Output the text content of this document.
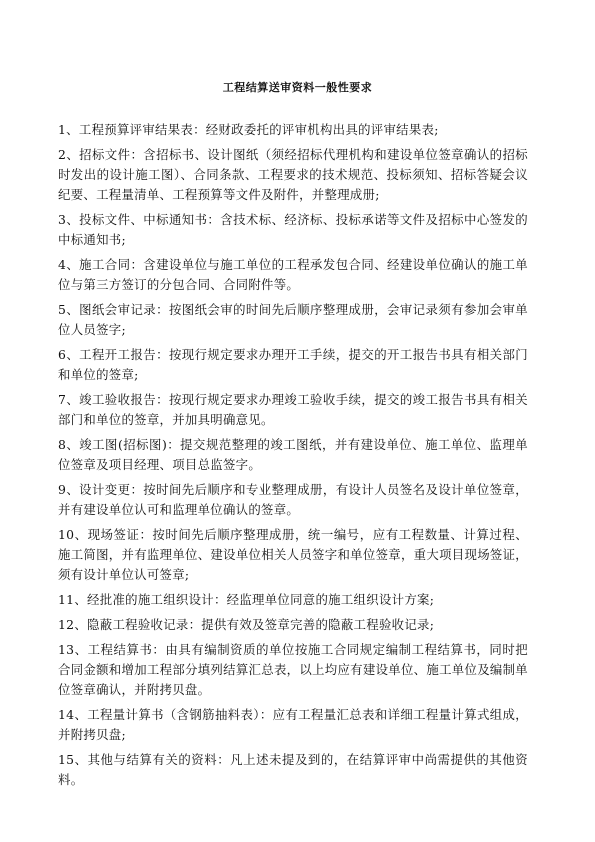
工程结算送审资料一般性要求

1、工程预算评审结果表：经财政委托的评审机构出具的评审结果表;

2、招标文件：含招标书、设计图纸（须经招标代理机构和建设单位签章确认的招标时发出的设计施工图）、合同条款、工程要求的技术规范、投标须知、招标答疑会议纪要、工程量清单、工程预算等文件及附件，并整理成册;

3、投标文件、中标通知书：含技术标、经济标、投标承诺等文件及招标中心签发的中标通知书;

4、施工合同：含建设单位与施工单位的工程承发包合同、经建设单位确认的施工单位与第三方签订的分包合同、合同附件等。

5、图纸会审记录：按图纸会审的时间先后顺序整理成册，会审记录须有参加会审单位人员签字;

6、工程开工报告：按现行规定要求办理开工手续，提交的开工报告书具有相关部门和单位的签章;

7、竣工验收报告：按现行规定要求办理竣工验收手续，提交的竣工报告书具有相关部门和单位的签章，并加具明确意见。

8、竣工图(招标图)：提交规范整理的竣工图纸，并有建设单位、施工单位、监理单位签章及项目经理、项目总监签字。

9、设计变更：按时间先后顺序和专业整理成册，有设计人员签名及设计单位签章，并有建设单位认可和监理单位确认的签章。

10、现场签证：按时间先后顺序整理成册，统一编号，应有工程数量、计算过程、施工简图，并有监理单位、建设单位相关人员签字和单位签章，重大项目现场签证，须有设计单位认可签章;

11、经批准的施工组织设计：经监理单位同意的施工组织设计方案;

12、隐蔽工程验收记录：提供有效及签章完善的隐蔽工程验收记录;

13、工程结算书：由具有编制资质的单位按施工合同规定编制工程结算书，同时把合同金额和增加工程部分填列结算汇总表，以上均应有建设单位、施工单位及编制单位签章确认，并附拷贝盘。

14、工程量计算书（含钢筋抽料表）：应有工程量汇总表和详细工程量计算式组成，并附拷贝盘;

15、其他与结算有关的资料：凡上述未提及到的，在结算评审中尚需提供的其他资料。
